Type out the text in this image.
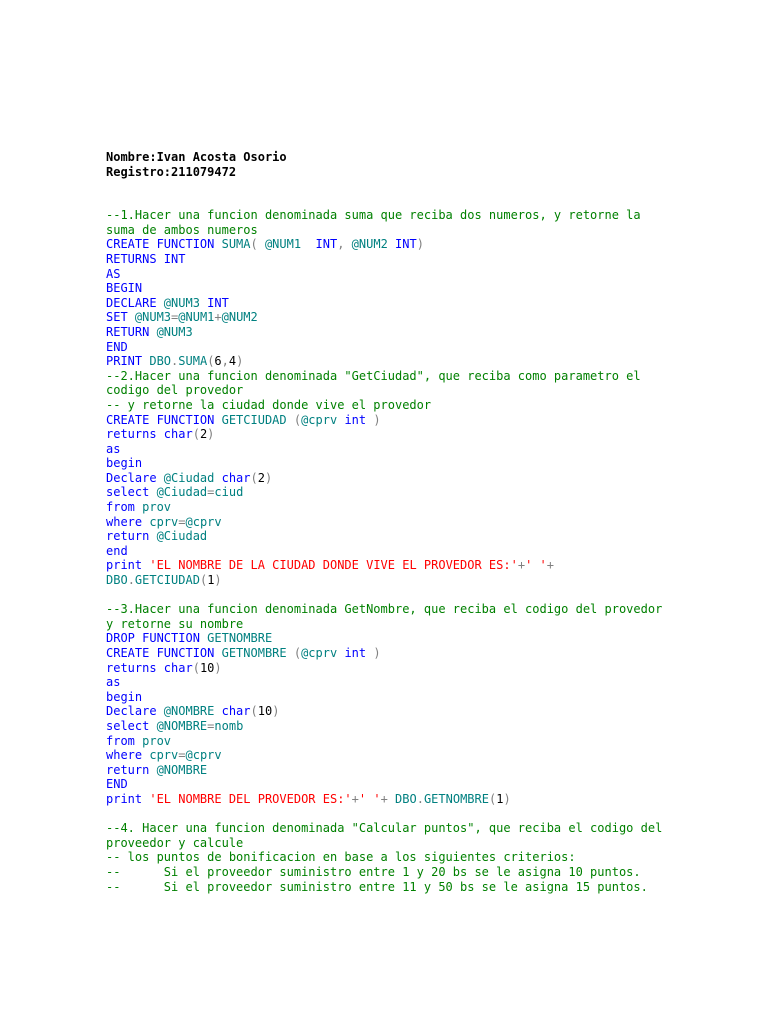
Nombre:Ivan Acosta Osorio
Registro:211079472
--1.Hacer una funcion denominada suma que reciba dos numeros, y retorne la suma de ambos numeros
CREATE FUNCTION SUMA( @NUM1  INT, @NUM2 INT)
RETURNS INT
AS
BEGIN
DECLARE @NUM3 INT
SET @NUM3=@NUM1+@NUM2
RETURN @NUM3
END
PRINT DBO.SUMA(6,4)
--2.Hacer una funcion denominada "GetCiudad", que reciba como parametro el codigo del provedor
-- y retorne la ciudad donde vive el provedor
CREATE FUNCTION GETCIUDAD (@cprv int )
returns char(2)
as
begin
Declare @Ciudad char(2)
select @Ciudad=ciud
from prov
where cprv=@cprv
return @Ciudad
end
print 'EL NOMBRE DE LA CIUDAD DONDE VIVE EL PROVEDOR ES:'+' '+
DBO.GETCIUDAD(1)
--3.Hacer una funcion denominada GetNombre, que reciba el codigo del provedor y retorne su nombre
DROP FUNCTION GETNOMBRE
CREATE FUNCTION GETNOMBRE (@cprv int )
returns char(10)
as
begin
Declare @NOMBRE char(10)
select @NOMBRE=nomb
from prov
where cprv=@cprv
return @NOMBRE
END
print 'EL NOMBRE DEL PROVEDOR ES:'+' '+ DBO.GETNOMBRE(1)
--4. Hacer una funcion denominada "Calcular puntos", que reciba el codigo del proveedor y calcule
-- los puntos de bonificacion en base a los siguientes criterios:
--      Si el proveedor suministro entre 1 y 20 bs se le asigna 10 puntos.
--      Si el proveedor suministro entre 11 y 50 bs se le asigna 15 puntos.
